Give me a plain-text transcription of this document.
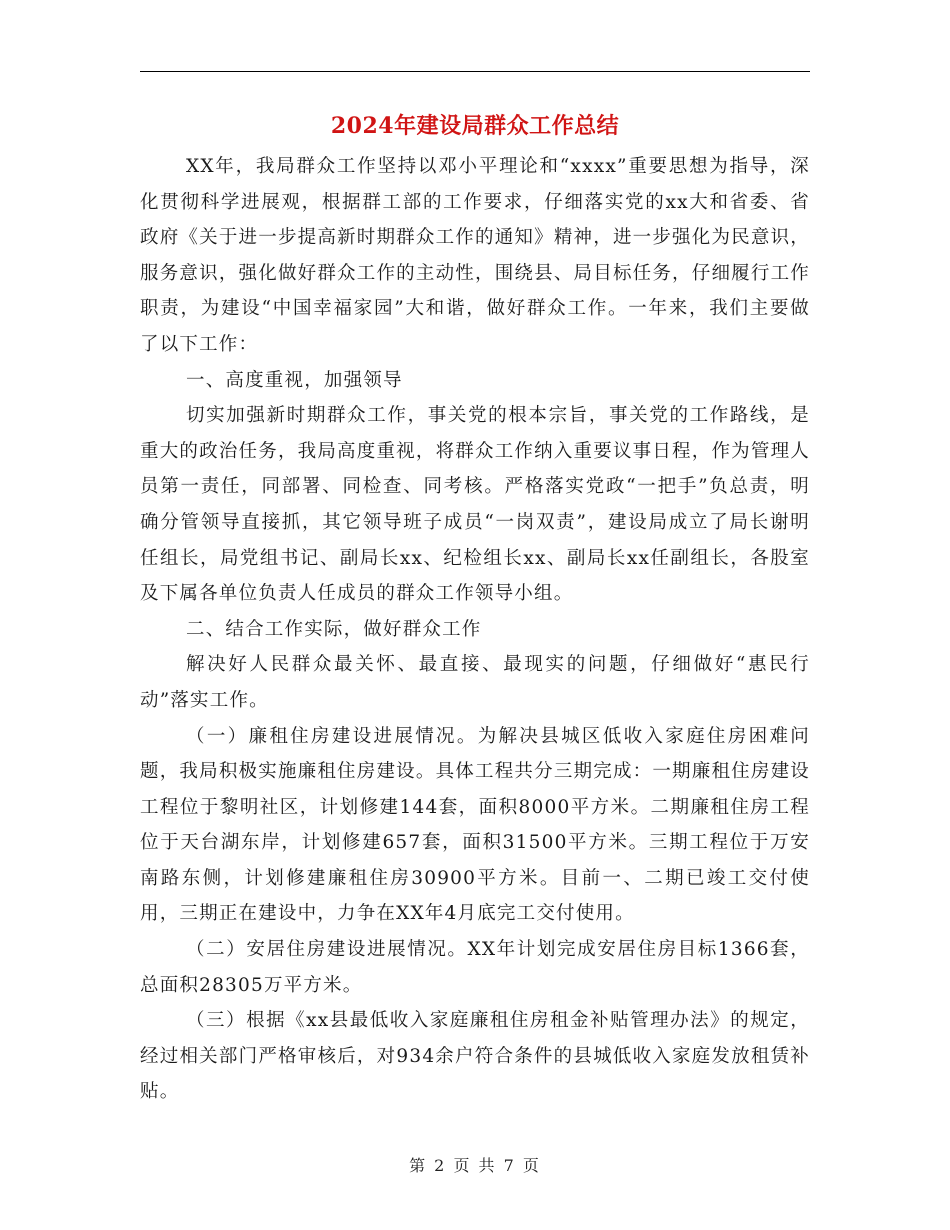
2024年建设局群众工作总结

XX年，我局群众工作坚持以邓小平理论和“xxxx”重要思想为指导，深化贯彻科学进展观，根据群工部的工作要求，仔细落实党的xx大和省委、省政府《关于进一步提高新时期群众工作的通知》精神，进一步强化为民意识，服务意识，强化做好群众工作的主动性，围绕县、局目标任务，仔细履行工作职责，为建设“中国幸福家园”大和谐，做好群众工作。一年来，我们主要做了以下工作：

一、高度重视，加强领导

切实加强新时期群众工作，事关党的根本宗旨，事关党的工作路线，是重大的政治任务，我局高度重视，将群众工作纳入重要议事日程，作为管理人员第一责任，同部署、同检查、同考核。严格落实党政“一把手”负总责，明确分管领导直接抓，其它领导班子成员“一岗双责”，建设局成立了局长谢明任组长，局党组书记、副局长xx、纪检组长xx、副局长xx任副组长，各股室及下属各单位负责人任成员的群众工作领导小组。

二、结合工作实际，做好群众工作

解决好人民群众最关怀、最直接、最现实的问题，仔细做好“惠民行动”落实工作。

（一）廉租住房建设进展情况。为解决县城区低收入家庭住房困难问题，我局积极实施廉租住房建设。具体工程共分三期完成：一期廉租住房建设工程位于黎明社区，计划修建144套，面积8000平方米。二期廉租住房工程位于天台湖东岸，计划修建657套，面积31500平方米。三期工程位于万安南路东侧，计划修建廉租住房30900平方米。目前一、二期已竣工交付使用，三期正在建设中，力争在XX年4月底完工交付使用。

（二）安居住房建设进展情况。XX年计划完成安居住房目标1366套，总面积28305万平方米。

（三）根据《xx县最低收入家庭廉租住房租金补贴管理办法》的规定，经过相关部门严格审核后，对934余户符合条件的县城低收入家庭发放租赁补贴。

第 2 页 共 7 页
